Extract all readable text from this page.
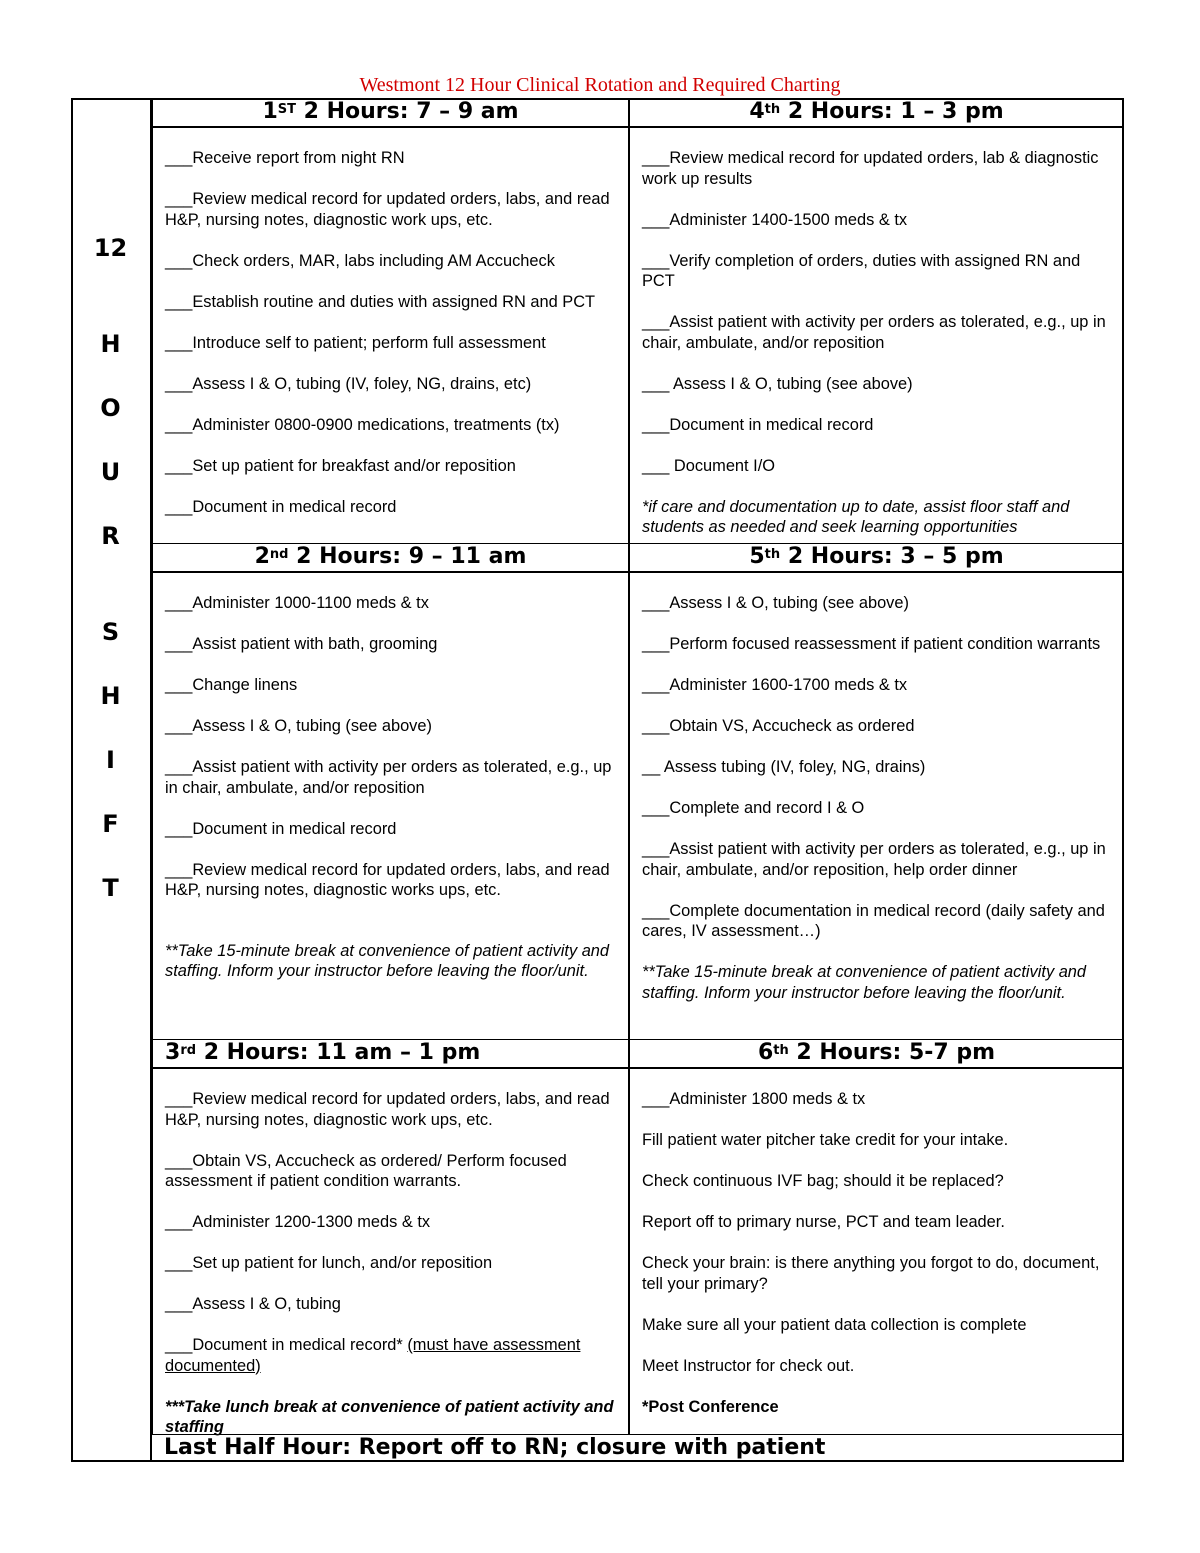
Westmont 12 Hour Clinical Rotation and Required Charting
12
H
O
U
R
S
H
I
F
T
1ST 2 Hours: 7 – 9 am
___Receive report from night RN
___Review medical record for updated orders, labs, and read H&P, nursing notes, diagnostic work ups, etc.
___Check orders, MAR, labs including AM Accucheck
___Establish routine and duties with assigned RN and PCT
___Introduce self to patient; perform full assessment
___Assess I & O, tubing (IV, foley, NG, drains, etc)
___Administer 0800-0900 medications, treatments (tx)
___Set up patient for breakfast and/or reposition
___Document in medical record
4th 2 Hours: 1 – 3 pm
___Review medical record for updated orders, lab & diagnostic work up results
___Administer 1400-1500 meds & tx
___Verify completion of orders, duties with assigned RN and PCT
___Assist patient with activity per orders as tolerated, e.g., up in chair, ambulate, and/or reposition
___ Assess I & O, tubing (see above)
___Document in medical record
___ Document I/O
*if care and documentation up to date, assist floor staff and students as needed and seek learning opportunities
2nd 2 Hours: 9 – 11 am
___Administer 1000-1100 meds & tx
___Assist patient with bath, grooming
___Change linens
___Assess I & O, tubing (see above)
___Assist patient with activity per orders as tolerated, e.g., up in chair, ambulate, and/or reposition
___Document in medical record
___Review medical record for updated orders, labs, and read H&P, nursing notes, diagnostic works ups, etc.
**Take 15-minute break at convenience of patient activity and staffing. Inform your instructor before leaving the floor/unit.
5th 2 Hours: 3 – 5 pm
___Assess I & O, tubing (see above)
___Perform focused reassessment if patient condition warrants
___Administer 1600-1700 meds & tx
___Obtain VS, Accucheck as ordered
__ Assess tubing (IV, foley, NG, drains)
___Complete and record I & O
___Assist patient with activity per orders as tolerated, e.g., up in chair, ambulate, and/or reposition, help order dinner
___Complete documentation in medical record (daily safety and cares, IV assessment…)
**Take 15-minute break at convenience of patient activity and staffing. Inform your instructor before leaving the floor/unit.
3rd 2 Hours: 11 am – 1 pm
___Review medical record for updated orders, labs, and read H&P, nursing notes, diagnostic work ups, etc.
___Obtain VS, Accucheck as ordered/ Perform focused assessment if patient condition warrants.
___Administer 1200-1300 meds & tx
___Set up patient for lunch, and/or reposition
___Assess I & O, tubing
___Document in medical record* (must have assessment documented)
***Take lunch break at convenience of patient activity and staffing
6th 2 Hours: 5-7 pm
___Administer 1800 meds & tx
Fill patient water pitcher take credit for your intake.
Check continuous IVF bag; should it be replaced?
Report off to primary nurse, PCT and team leader.
Check your brain: is there anything you forgot to do, document, tell your primary?
Make sure all your patient data collection is complete
Meet Instructor for check out.
*Post Conference
Last Half Hour: Report off to RN; closure with patient
